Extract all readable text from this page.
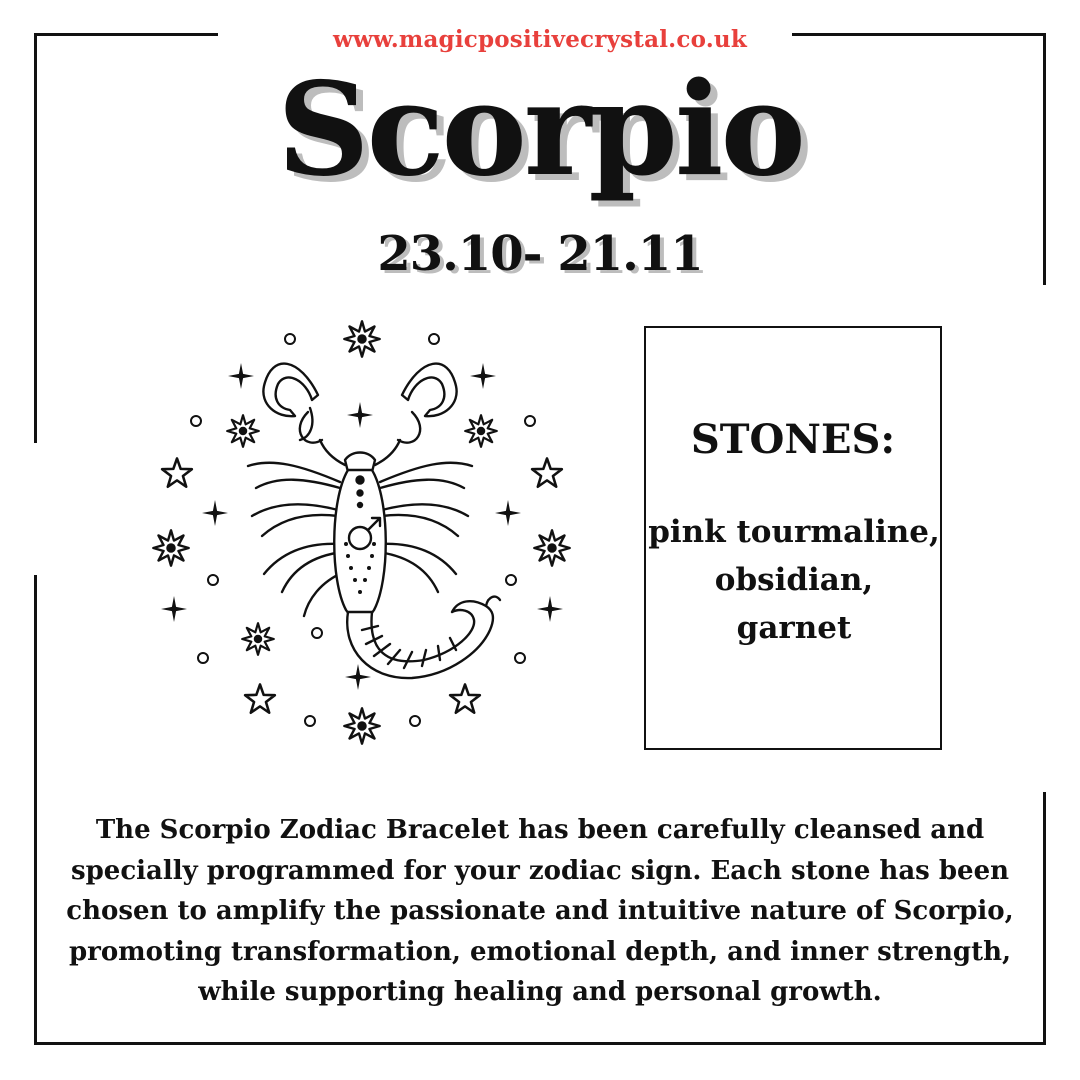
www.magicpositivecrystal.co.uk
Scorpio
23.10- 21.11
STONES:
pink tourmaline,
obsidian,
garnet
The Scorpio Zodiac Bracelet has been carefully cleansed and specially programmed for your zodiac sign. Each stone has been chosen to amplify the passionate and intuitive nature of Scorpio, promoting transformation, emotional depth, and inner strength, while supporting healing and personal growth.
